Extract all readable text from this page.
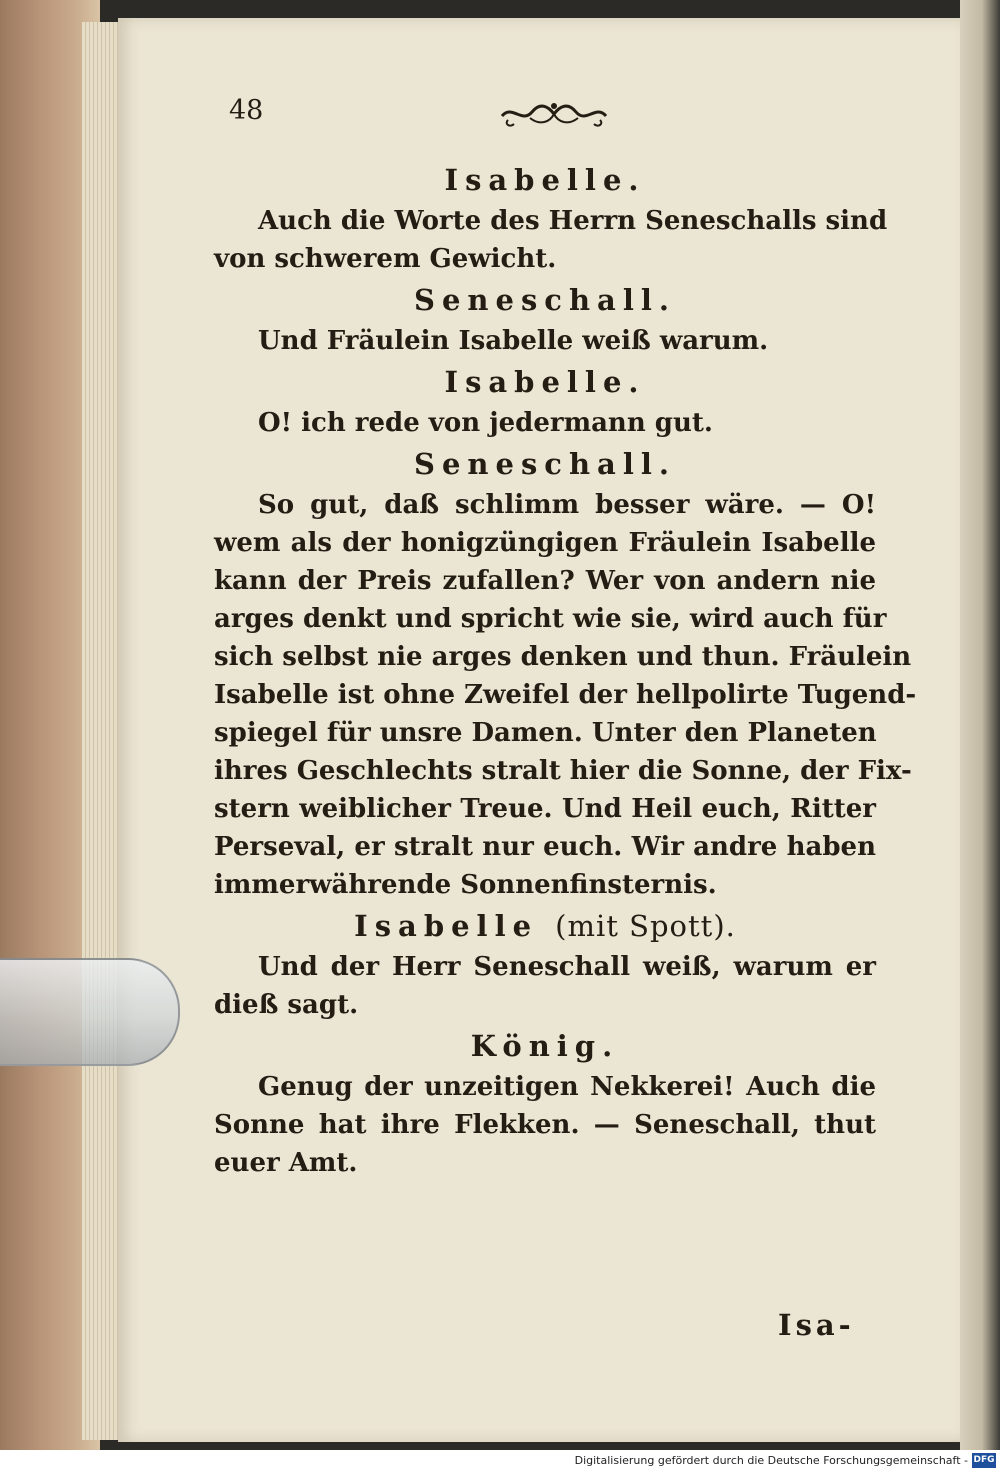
48

Isabelle.

Auch die Worte des Herrn Seneschalls sind

von schwerem Gewicht.

Seneschall.

Und Fräulein Isabelle weiß warum.

Isabelle.

O! ich rede von jedermann gut.

Seneschall.

So gut, daß schlimm besser wäre. — O!

wem als der honigzüngigen Fräulein Isabelle

kann der Preis zufallen? Wer von andern nie

arges denkt und spricht wie sie, wird auch für

sich selbst nie arges denken und thun. Fräulein

Isabelle ist ohne Zweifel der hellpolirte Tugend-

spiegel für unsre Damen. Unter den Planeten

ihres Geschlechts stralt hier die Sonne, der Fix-

stern weiblicher Treue. Und Heil euch, Ritter

Perseval, er stralt nur euch. Wir andre haben

immerwährende Sonnenfinsternis.

Isabelle (mit Spott).

Und der Herr Seneschall weiß, warum er

dieß sagt.

König.

Genug der unzeitigen Nekkerei! Auch die

Sonne hat ihre Flekken. — Seneschall, thut

euer Amt.

Isa-
Digitalisierung gefördert durch die Deutsche Forschungsgemeinschaft - DFG
